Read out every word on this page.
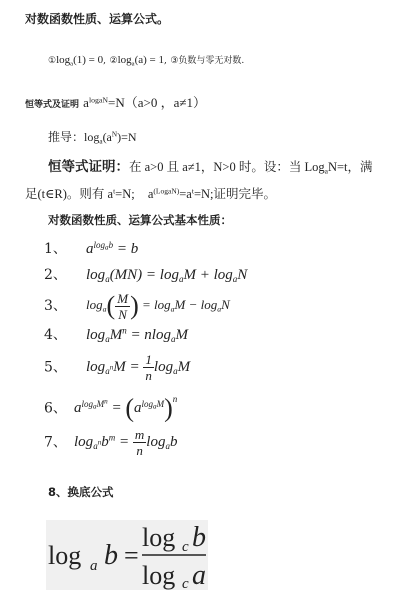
对数函数性质、运算公式。
$①\log_a(1) = 0$, $②\log_a(a) = 1$, ③负数与零无对数.
恒等式及证明 $a^{logaN}=N(a>0$ ，a≠1）
推导：$\log_a(a^N)=N$
恒等式证明：在 a>0 且 a≠1，N>0 时。设：当 Log$_a$N=t，满
足(t∈R)。则有 $a^t=N$; $a^{(LogaN)}=a^t=N$;证明完毕。
对数函数性质、运算公式基本性质：
1、 $a^{logab} = b$
2、 $\log_a(MN) = \log_aM + \log_aN$
3、 $\log_a( \frac{M}{N}$ ) = $\log_aM - \log_aN$
4、 $\log_aM^n = nlog_aM$
5、 $\log_{a^n}M = \frac{1}{n} \log_aM$
6、 $a^{logaM^n} = (a^{logaM})^n$
7、 $\log_{a^n}b^m = \frac{m}{n} \log_ab$
8、换底公式
log a b =
log c b
log c a
